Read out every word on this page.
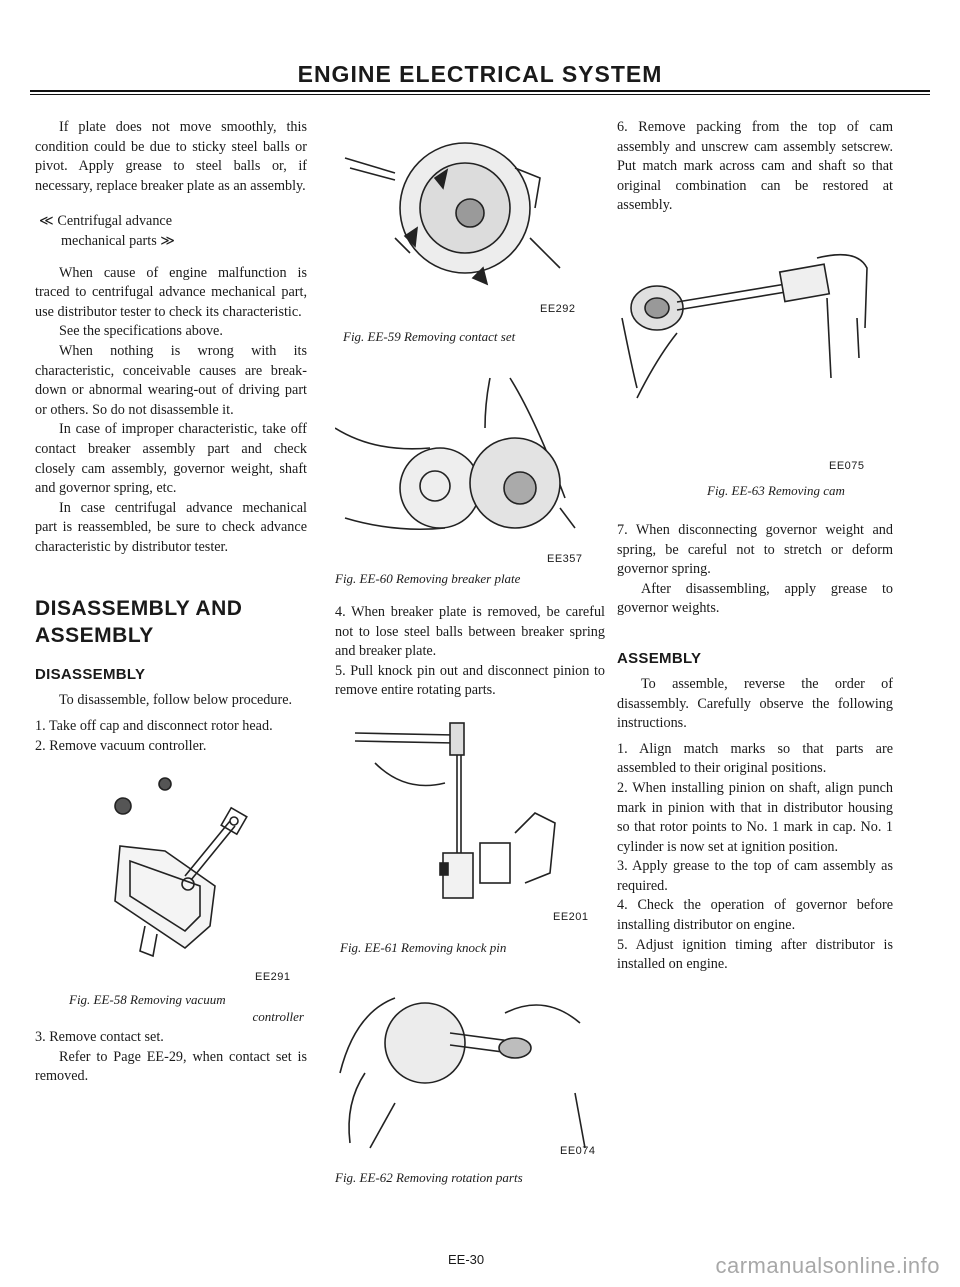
ENGINE ELECTRICAL SYSTEM

If plate does not move smoothly, this condition could be due to sticky steel balls or pivot. Apply grease to steel balls or, if necessary, replace breaker plate as an assembly.

≪ Centrifugal advance
mechanical parts ≫

When cause of engine malfunction is traced to centrifugal advance mechanical part, use distributor tester to check its characteristic.

See the specifications above.

When nothing is wrong with its characteristic, conceivable causes are break-down or abnormal wearing-out of driving part or others. So do not disassemble it.

In case of improper characteristic, take off contact breaker assembly part and check closely cam assembly, governor weight, shaft and governor spring, etc.

In case centrifugal advance mechanical part is reassembled, be sure to check advance characteristic by distributor tester.

DISASSEMBLY AND
ASSEMBLY
DISASSEMBLY

To disassemble, follow below procedure.

1. Take off cap and disconnect rotor head.

2. Remove vacuum controller.

EE291
Fig. EE-58 Removing vacuum
controller

3. Remove contact set.

Refer to Page EE-29, when contact set is removed.

EE292
Fig. EE-59 Removing contact set
EE357
Fig. EE-60 Removing breaker plate

4. When breaker plate is removed, be careful not to lose steel balls between breaker spring and breaker plate.

5. Pull knock pin out and disconnect pinion to remove entire rotating parts.

EE201
Fig. EE-61 Removing knock pin
EE074
Fig. EE-62 Removing rotation parts

6. Remove packing from the top of cam assembly and unscrew cam assembly setscrew. Put match mark across cam and shaft so that original combination can be restored at assembly.

EE075
Fig. EE-63 Removing cam

7. When disconnecting governor weight and spring, be careful not to stretch or deform governor spring.

After disassembling, apply grease to governor weights.

ASSEMBLY

To assemble, reverse the order of disassembly. Carefully observe the following instructions.

1. Align match marks so that parts are assembled to their original positions.

2. When installing pinion on shaft, align punch mark in pinion with that in distributor housing so that rotor points to No. 1 mark in cap. No. 1 cylinder is now set at ignition position.

3. Apply grease to the top of cam assembly as required.

4. Check the operation of governor before installing distributor on engine.

5. Adjust ignition timing after distributor is installed on engine.

EE-30	carmanualsonline.info
